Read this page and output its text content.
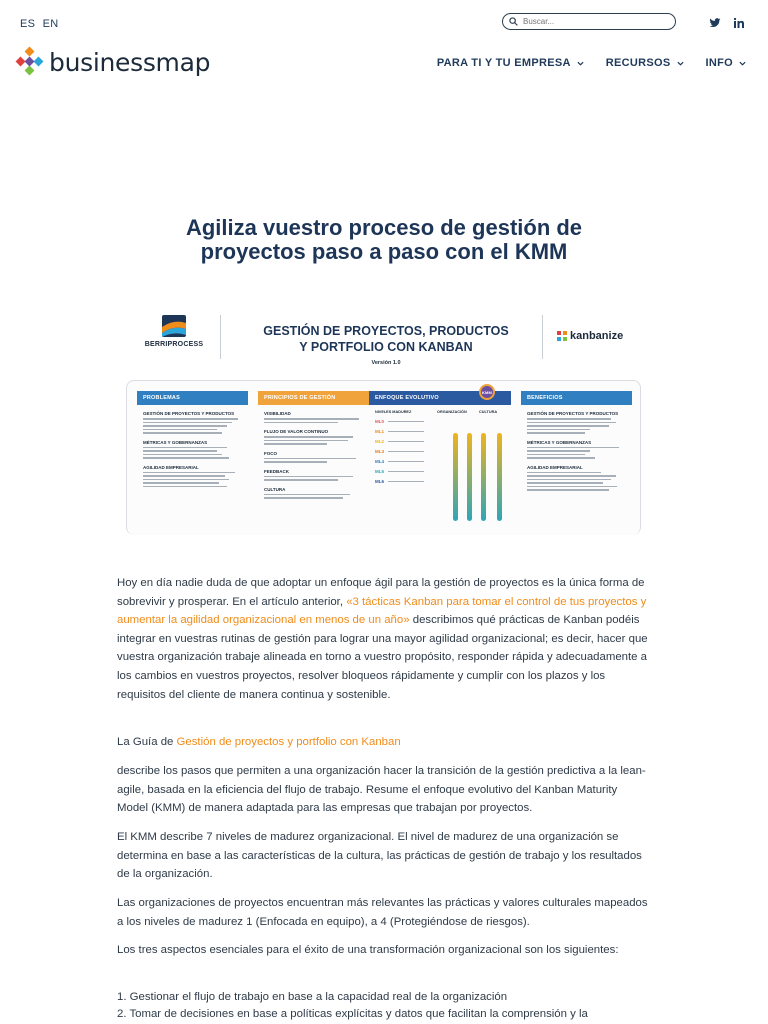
ES EN
Buscar...
businessmap	PARA TI Y TU EMPRESA	RECURSOS	INFO
Agiliza vuestro proceso de gestión de
proyectos paso a paso con el KMM
BERRIPROCESS
GESTIÓN DE PROYECTOS, PRODUCTOS
Y PORTFOLIO CON KANBAN
Versión 1.0
kanbanize
PROBLEMAS
GESTIÓN DE PROYECTOS Y PRODUCTOS
MÉTRICAS Y GOBERNANZAS
AGILIDAD EMPRESARIAL
PRINCIPIOS DE GESTIÓN
VISIBILIDAD
FLUJO DE VALOR CONTINUO
FOCO
FEEDBACK
CULTURA
ENFOQUE EVOLUTIVO
KMM
NIVELES MADUREZ	ORGANIZACIÓN	CULTURA
ML0
ML1
ML2
ML3
ML4
ML5
ML6
BENEFICIOS
GESTIÓN DE PROYECTOS Y PRODUCTOS
MÉTRICAS Y GOBERNANZAS
AGILIDAD EMPRESARIAL

Hoy en día nadie duda de que adoptar un enfoque ágil para la gestión de proyectos es la única forma de sobrevivir y prosperar. En el artículo anterior, «3 tácticas Kanban para tomar el control de tus proyectos y aumentar la agilidad organizacional en menos de un año» describimos qué prácticas de Kanban podéis integrar en vuestras rutinas de gestión para lograr una mayor agilidad organizacional; es decir, hacer que vuestra organización trabaje alineada en torno a vuestro propósito, responder rápida y adecuadamente a los cambios en vuestros proyectos, resolver bloqueos rápidamente y cumplir con los plazos y los requisitos del cliente de manera continua y sostenible.

La Guía de Gestión de proyectos y portfolio con Kanban

describe los pasos que permiten a una organización hacer la transición de la gestión predictiva a la lean-agile, basada en la eficiencia del flujo de trabajo. Resume el enfoque evolutivo del Kanban Maturity Model (KMM) de manera adaptada para las empresas que trabajan por proyectos.
El KMM describe 7 niveles de madurez organizacional. El nivel de madurez de una organización se determina en base a las características de la cultura, las prácticas de gestión de trabajo y los resultados de la organización.
Las organizaciones de proyectos encuentran más relevantes las prácticas y valores culturales mapeados a los niveles de madurez 1 (Enfocada en equipo), a 4 (Protegiéndose de riesgos).
Los tres aspectos esenciales para el éxito de una transformación organizacional son los siguientes:
1. Gestionar el flujo de trabajo en base a la capacidad real de la organización
2. Tomar de decisiones en base a políticas explícitas y datos que facilitan la comprensión y la
